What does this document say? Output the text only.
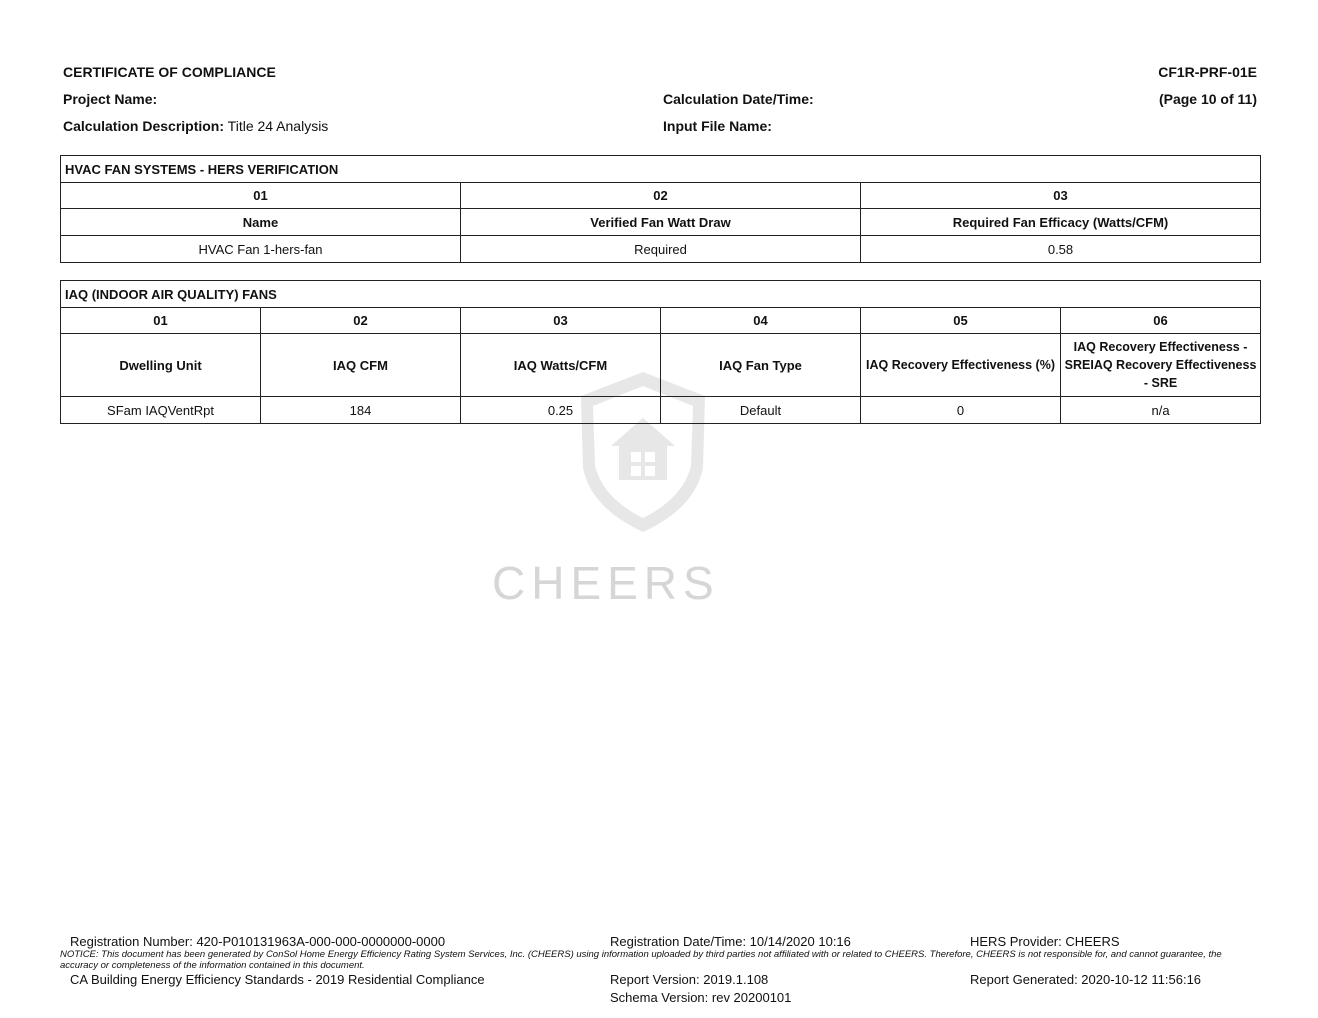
CERTIFICATE OF COMPLIANCE	CF1R-PRF-01E
Project Name:	Calculation Date/Time:	(Page 10 of 11)
Calculation Description: Title 24 Analysis	Input File Name:
CHEERS
HVAC FAN SYSTEMS - HERS VERIFICATION		
01	02	03
Name	Verified Fan Watt Draw	Required Fan Efficacy (Watts/CFM)
HVAC Fan 1-hers-fan	Required	0.58
IAQ (INDOOR AIR QUALITY) FANS					
01	02	03	04	05	06
Dwelling Unit	IAQ CFM	IAQ Watts/CFM	IAQ Fan Type	IAQ Recovery Effectiveness (%)	IAQ Recovery Effectiveness - SREIAQ Recovery Effectiveness - SRE
SFam IAQVentRpt	184	0.25	Default	0	n/a
Registration Number: 420-P010131963A-000-000-0000000-0000	Registration Date/Time: 10/14/2020 10:16	HERS Provider: CHEERS
NOTICE: This document has been generated by ConSol Home Energy Efficiency Rating System Services, Inc. (CHEERS) using information uploaded by third parties not affiliated with or related to CHEERS. Therefore, CHEERS is not responsible for, and cannot guarantee, the accuracy or completeness of the information contained in this document.
CA Building Energy Efficiency Standards - 2019 Residential Compliance	Report Version: 2019.1.108	Report Generated: 2020-10-12 11:56:16
Schema Version: rev 20200101
